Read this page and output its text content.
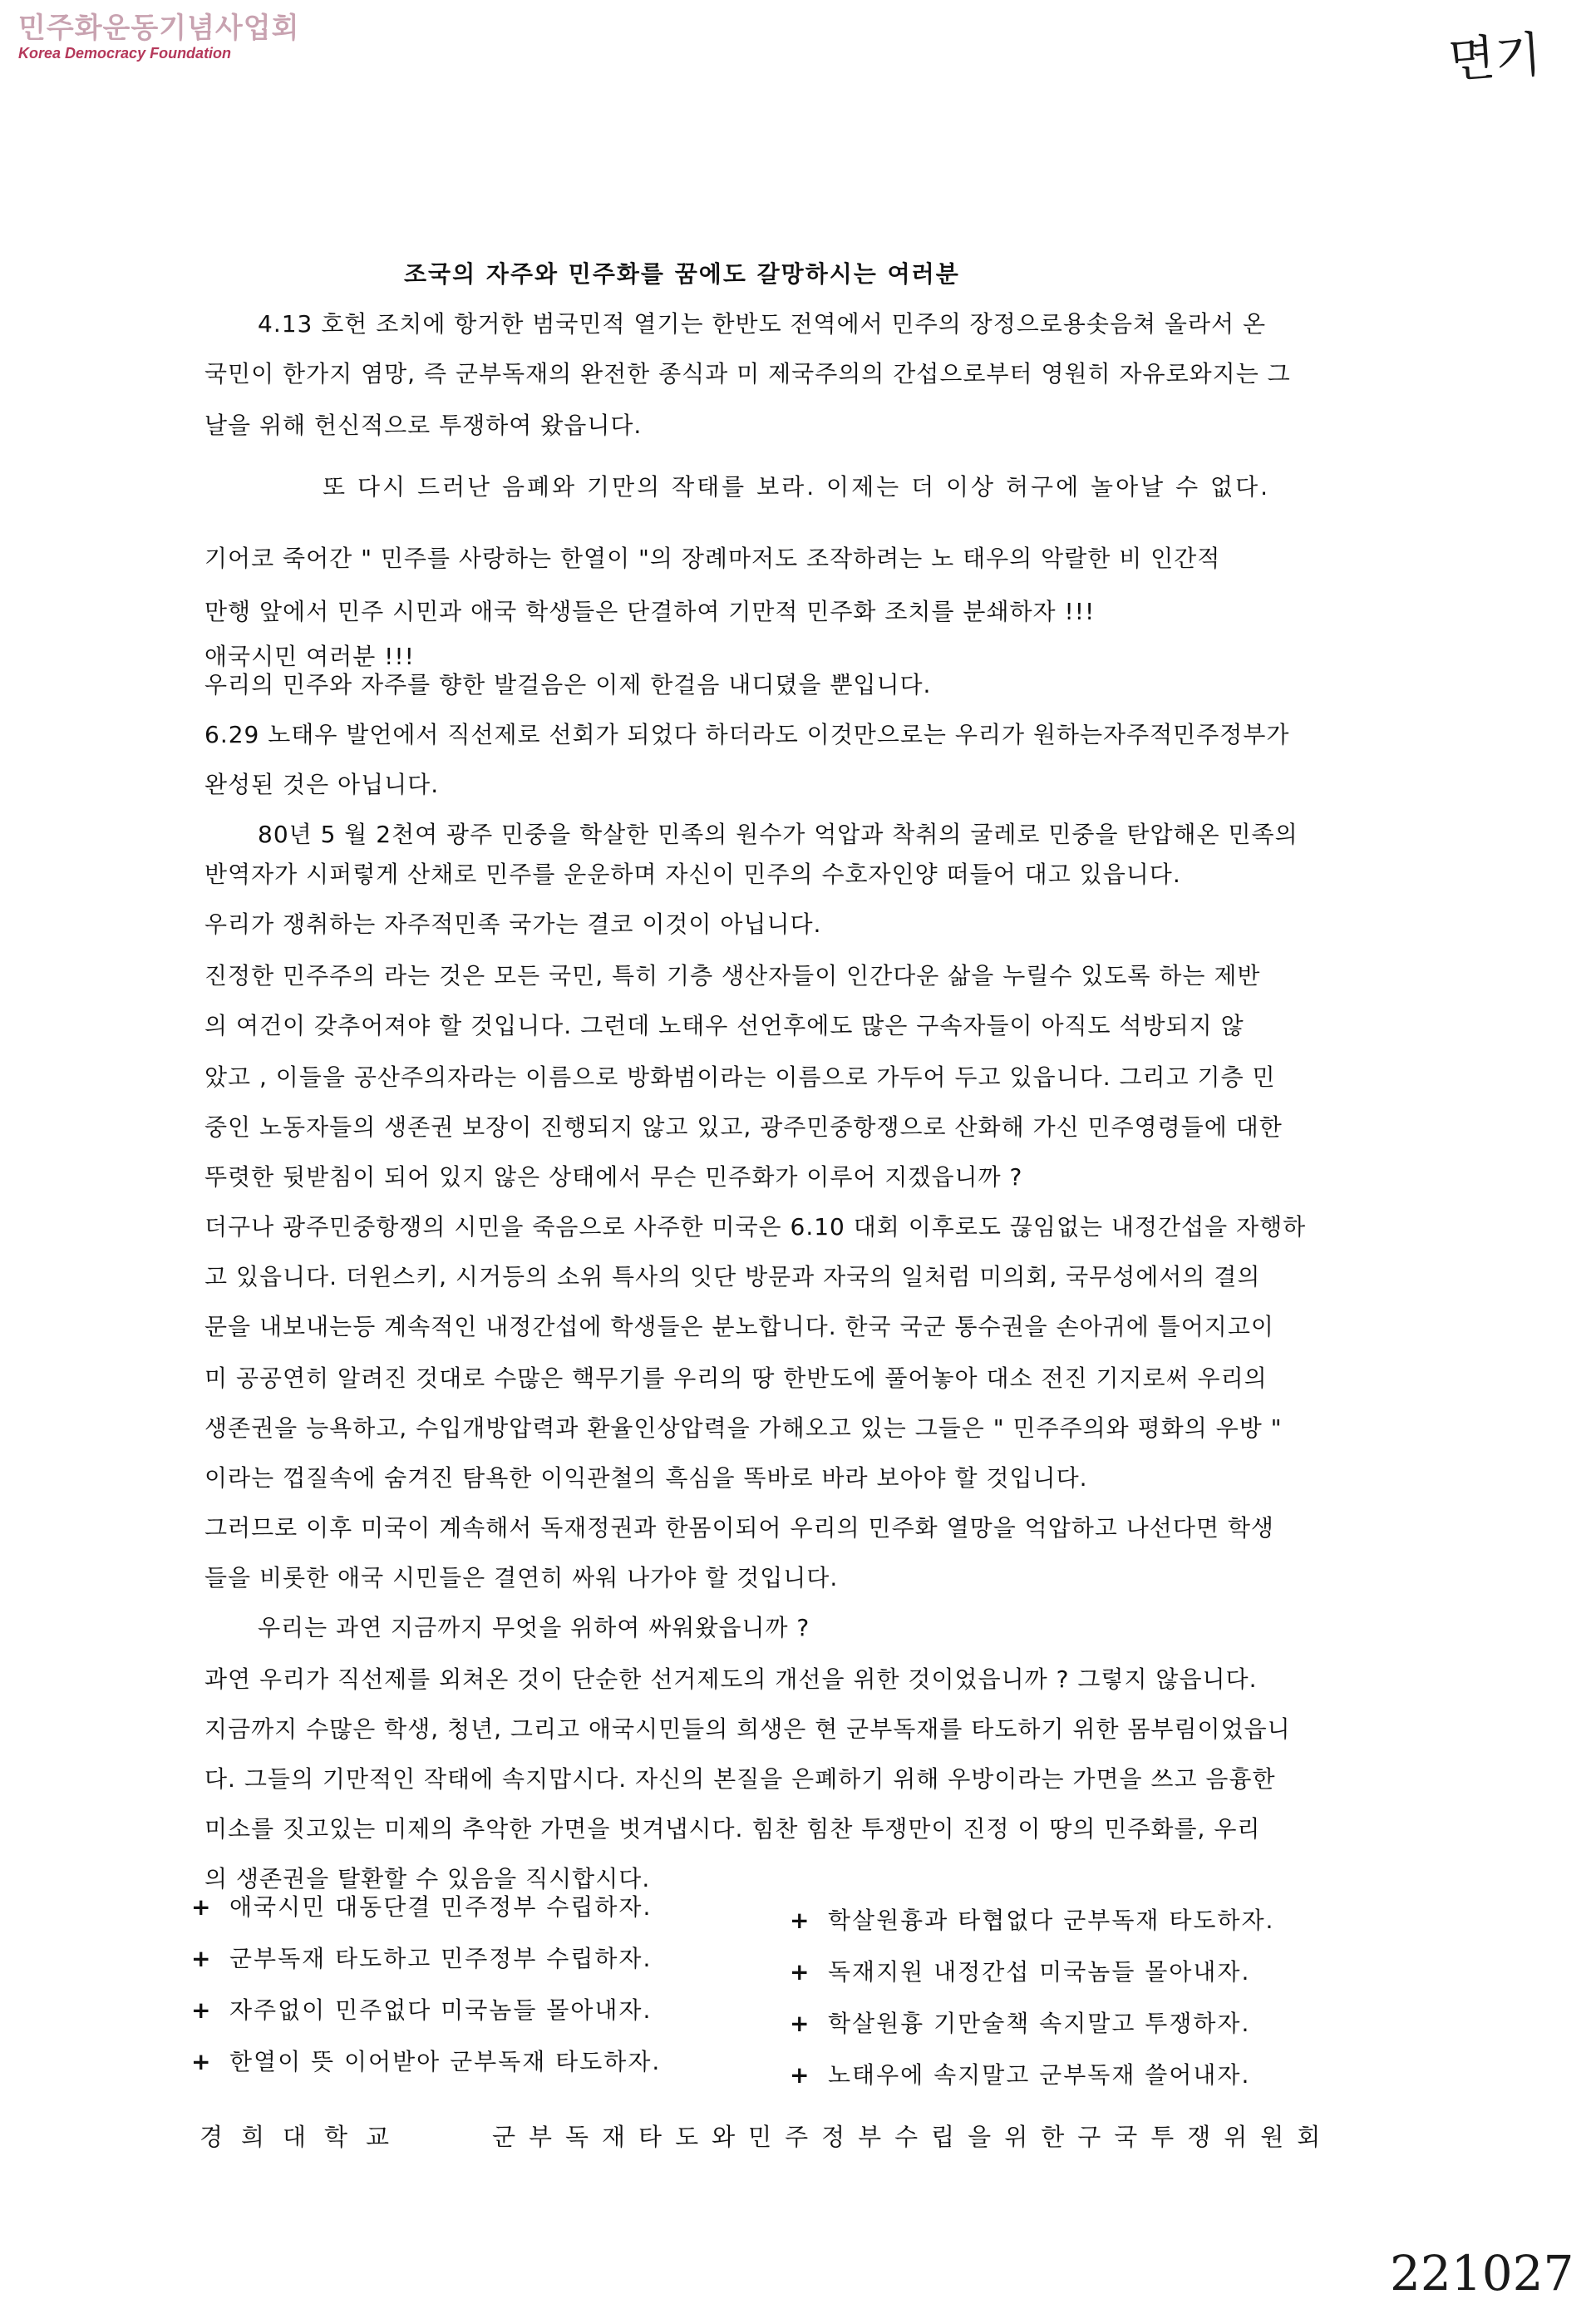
민주화운동기념사업회
Korea Democracy Foundation	면기
조국의 자주와 민주화를 꿈에도 갈망하시는 여러분
4.13 호헌 조치에 항거한 범국민적 열기는 한반도 전역에서 민주의 장정으로용솟음쳐 올라서 온
국민이 한가지 염망, 즉 군부독재의 완전한 종식과 미 제국주의의 간섭으로부터 영원히 자유로와지는 그
날을 위해 헌신적으로 투쟁하여 왔읍니다.
또 다시 드러난 음폐와 기만의 작태를 보라. 이제는 더 이상 허구에 놀아날 수 없다.
기어코 죽어간 " 민주를 사랑하는 한열이 "의 장례마저도 조작하려는 노 태우의 악랄한 비 인간적
만행 앞에서 민주 시민과 애국 학생들은 단결하여 기만적 민주화 조치를 분쇄하자 !!!
애국시민 여러분 !!!
우리의 민주와 자주를 향한 발걸음은 이제 한걸음 내디뎠을 뿐입니다.
6.29 노태우 발언에서 직선제로 선회가 되었다 하더라도 이것만으로는 우리가 원하는자주적민주정부가
완성된 것은 아닙니다.
80년 5 월 2천여 광주 민중을 학살한 민족의 원수가 억압과 착취의 굴레로 민중을 탄압해온 민족의
반역자가 시퍼렇게 산채로 민주를 운운하며 자신이 민주의 수호자인양 떠들어 대고 있읍니다.
우리가 쟁취하는 자주적민족 국가는 결코 이것이 아닙니다.
진정한 민주주의 라는 것은 모든 국민, 특히 기층 생산자들이 인간다운 삶을 누릴수 있도록 하는 제반
의 여건이 갖추어져야 할 것입니다. 그런데 노태우 선언후에도 많은 구속자들이 아직도 석방되지 않
았고 , 이들을 공산주의자라는 이름으로 방화범이라는 이름으로 가두어 두고 있읍니다. 그리고 기층 민
중인 노동자들의 생존권 보장이 진행되지 않고 있고, 광주민중항쟁으로 산화해 가신 민주영령들에 대한
뚜렷한 뒷받침이 되어 있지 않은 상태에서 무슨 민주화가 이루어 지겠읍니까 ?
더구나 광주민중항쟁의 시민을 죽음으로 사주한 미국은 6.10 대회 이후로도 끊임없는 내정간섭을 자행하
고 있읍니다. 더윈스키, 시거등의 소위 특사의 잇단 방문과 자국의 일처럼 미의회, 국무성에서의 결의
문을 내보내는등 계속적인 내정간섭에 학생들은 분노합니다. 한국 국군 통수권을 손아귀에 틀어지고이
미 공공연히 알려진 것대로 수많은 핵무기를 우리의 땅 한반도에 풀어놓아 대소 전진 기지로써 우리의
생존권을 능욕하고, 수입개방압력과 환율인상압력을 가해오고 있는 그들은 " 민주주의와 평화의 우방 "
이라는 껍질속에 숨겨진 탐욕한 이익관철의 흑심을 똑바로 바라 보아야 할 것입니다.
그러므로 이후 미국이 계속해서 독재정권과 한몸이되어 우리의 민주화 열망을 억압하고 나선다면 학생
들을 비롯한 애국 시민들은 결연히 싸워 나가야 할 것입니다.
우리는 과연 지금까지 무엇을 위하여 싸워왔읍니까 ?
과연 우리가 직선제를 외쳐온 것이 단순한 선거제도의 개선을 위한 것이었읍니까 ? 그렇지 않읍니다.
지금까지 수많은 학생, 청년, 그리고 애국시민들의 희생은 현 군부독재를 타도하기 위한 몸부림이었읍니
다. 그들의 기만적인 작태에 속지맙시다. 자신의 본질을 은폐하기 위해 우방이라는 가면을 쓰고 음흉한
미소를 짓고있는 미제의 추악한 가면을 벗겨냅시다. 힘찬 힘찬 투쟁만이 진정 이 땅의 민주화를, 우리
의 생존권을 탈환할 수 있음을 직시합시다.
+ 애국시민 대동단결 민주정부 수립하자.
+ 군부독재 타도하고 민주정부 수립하자.
+ 자주없이 민주없다 미국놈들 몰아내자.
+ 한열이 뜻 이어받아 군부독재 타도하자.
+ 학살원흉과 타협없다 군부독재 타도하자.
+ 독재지원 내정간섭 미국놈들 몰아내자.
+ 학살원흉 기만술책 속지말고 투쟁하자.
+ 노태우에 속지말고 군부독재 쓸어내자.
경희대학교	군부독재타도와민주정부수립을위한구국투쟁위원회
221027
